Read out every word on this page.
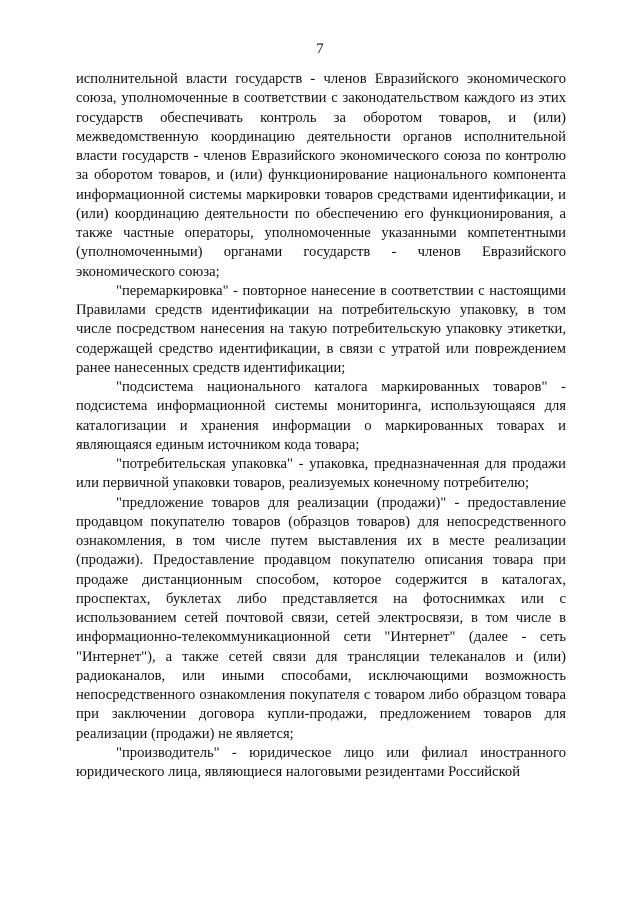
7

исполнительной власти государств - членов Евразийского экономического союза, уполномоченные в соответствии с законодательством каждого из этих государств обеспечивать контроль за оборотом товаров, и (или) межведомственную координацию деятельности органов исполнительной власти государств - членов Евразийского экономического союза по контролю за оборотом товаров, и (или) функционирование национального компонента информационной системы маркировки товаров средствами идентификации, и (или) координацию деятельности по обеспечению его функционирования, а также частные операторы, уполномоченные указанными компетентными (уполномоченными) органами государств - членов Евразийского экономического союза;

"перемаркировка" - повторное нанесение в соответствии с настоящими Правилами средств идентификации на потребительскую упаковку, в том числе посредством нанесения на такую потребительскую упаковку этикетки, содержащей средство идентификации, в связи с утратой или повреждением ранее нанесенных средств идентификации;

"подсистема национального каталога маркированных товаров" - подсистема информационной системы мониторинга, использующаяся для каталогизации и хранения информации о маркированных товарах и являющаяся единым источником кода товара;

"потребительская упаковка" - упаковка, предназначенная для продажи или первичной упаковки товаров, реализуемых конечному потребителю;

"предложение товаров для реализации (продажи)" - предоставление продавцом покупателю товаров (образцов товаров) для непосредственного ознакомления, в том числе путем выставления их в месте реализации (продажи). Предоставление продавцом покупателю описания товара при продаже дистанционным способом, которое содержится в каталогах, проспектах, буклетах либо представляется на фотоснимках или с использованием сетей почтовой связи, сетей электросвязи, в том числе в информационно-телекоммуникационной сети "Интернет" (далее - сеть "Интернет"), а также сетей связи для трансляции телеканалов и (или) радиоканалов, или иными способами, исключающими возможность непосредственного ознакомления покупателя с товаром либо образцом товара при заключении договора купли-продажи, предложением товаров для реализации (продажи) не является;

"производитель" - юридическое лицо или филиал иностранного юридического лица, являющиеся налоговыми резидентами Российской
